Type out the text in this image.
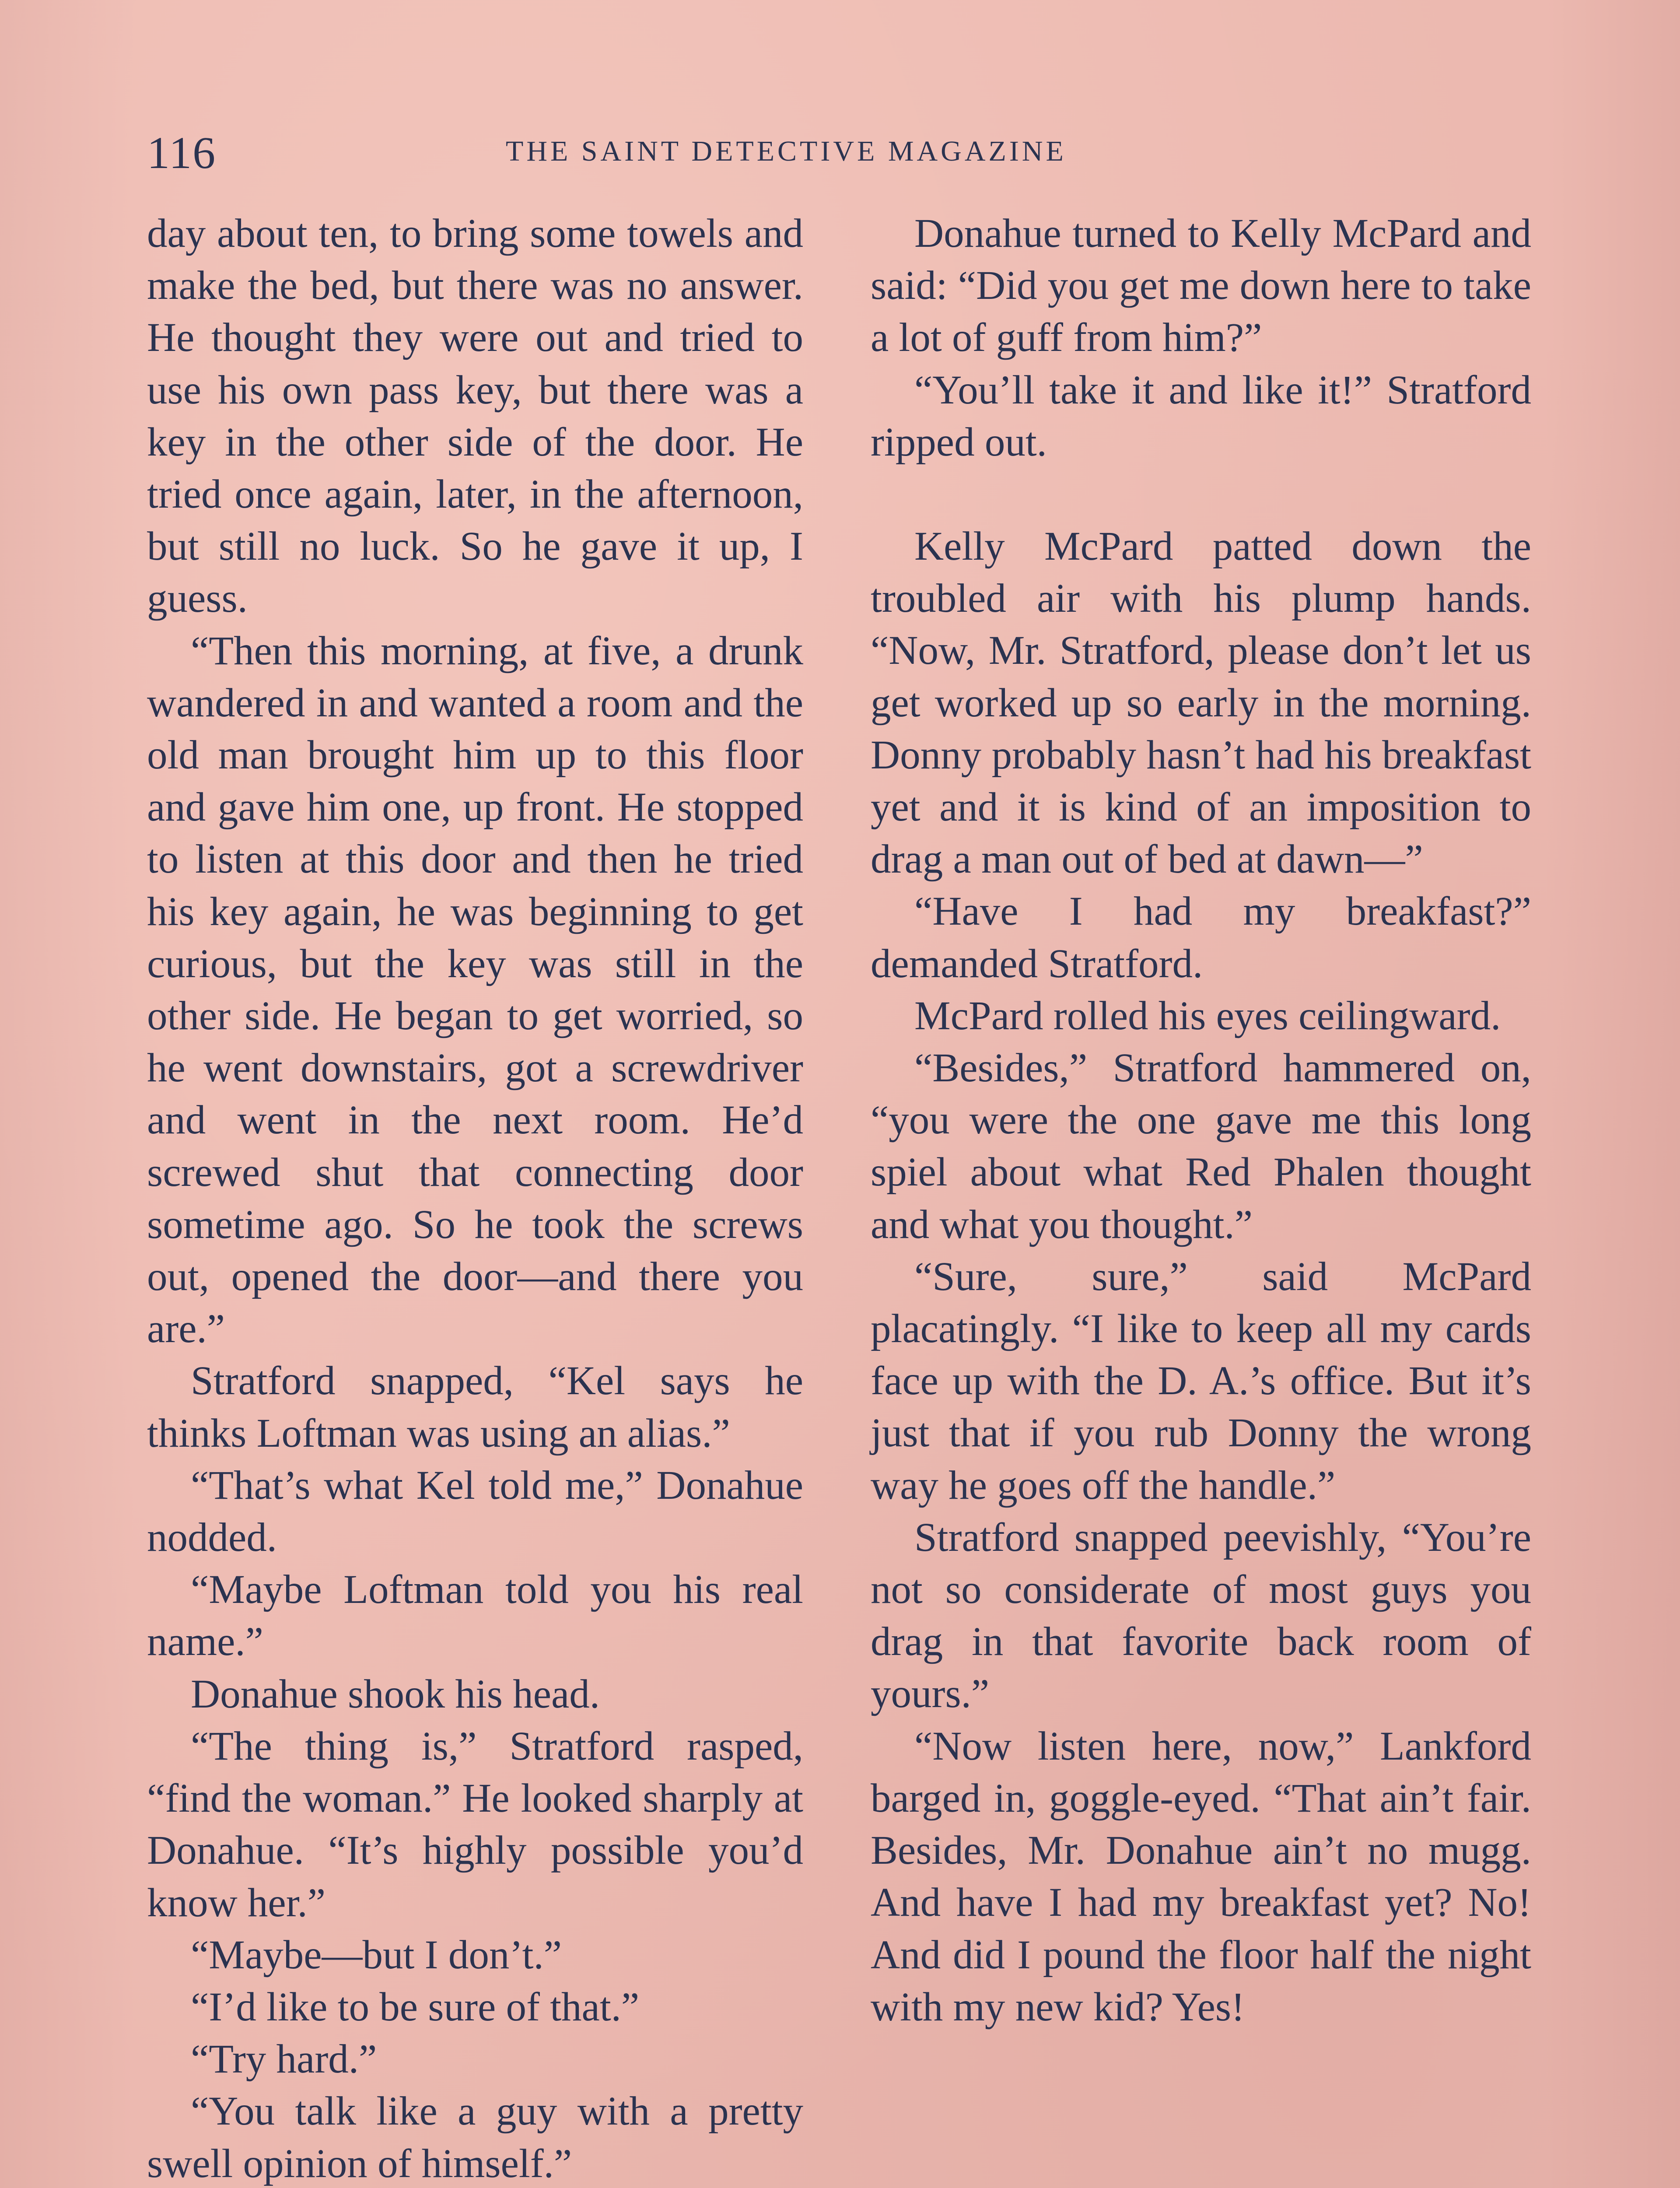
116	THE SAINT DETECTIVE MAGAZINE

day about ten, to bring some towels and make the bed, but there was no answer. He thought they were out and tried to use his own pass key, but there was a key in the other side of the door. He tried once again, later, in the afternoon, but still no luck. So he gave it up, I guess.

“Then this morning, at five, a drunk wandered in and wanted a room and the old man brought him up to this floor and gave him one, up front. He stopped to listen at this door and then he tried his key again, he was beginning to get curious, but the key was still in the other side. He began to get worried, so he went downstairs, got a screwdriver and went in the next room. He’d screwed shut that connecting door sometime ago. So he took the screws out, opened the door—and there you are.”

Stratford snapped, “Kel says he thinks Loftman was using an alias.”

“That’s what Kel told me,” Donahue nodded.

“Maybe Loftman told you his real name.”

Donahue shook his head.

“The thing is,” Stratford rasped, “find the woman.” He looked sharply at Donahue. “It’s highly possible you’d know her.”

“Maybe—but I don’t.”

“I’d like to be sure of that.”

“Try hard.”

“You talk like a guy with a pretty swell opinion of himself.”

Donahue turned to Kelly McPard and said: “Did you get me down here to take a lot of guff from him?”

“You’ll take it and like it!” Stratford ripped out.

Kelly McPard patted down the troubled air with his plump hands. “Now, Mr. Stratford, please don’t let us get worked up so early in the morning. Donny probably hasn’t had his breakfast yet and it is kind of an imposition to drag a man out of bed at dawn—”

“Have I had my breakfast?” demanded Stratford.

McPard rolled his eyes ceilingward.

“Besides,” Stratford hammered on, “you were the one gave me this long spiel about what Red Phalen thought and what you thought.”

“Sure, sure,” said McPard placatingly. “I like to keep all my cards face up with the D. A.’s office. But it’s just that if you rub Donny the wrong way he goes off the handle.”

Stratford snapped peevishly, “You’re not so considerate of most guys you drag in that favorite back room of yours.”

“Now listen here, now,” Lankford barged in, goggle-eyed. “That ain’t fair. Besides, Mr. Donahue ain’t no mugg. And have I had my breakfast yet? No! And did I pound the floor half the night with my new kid? Yes!
